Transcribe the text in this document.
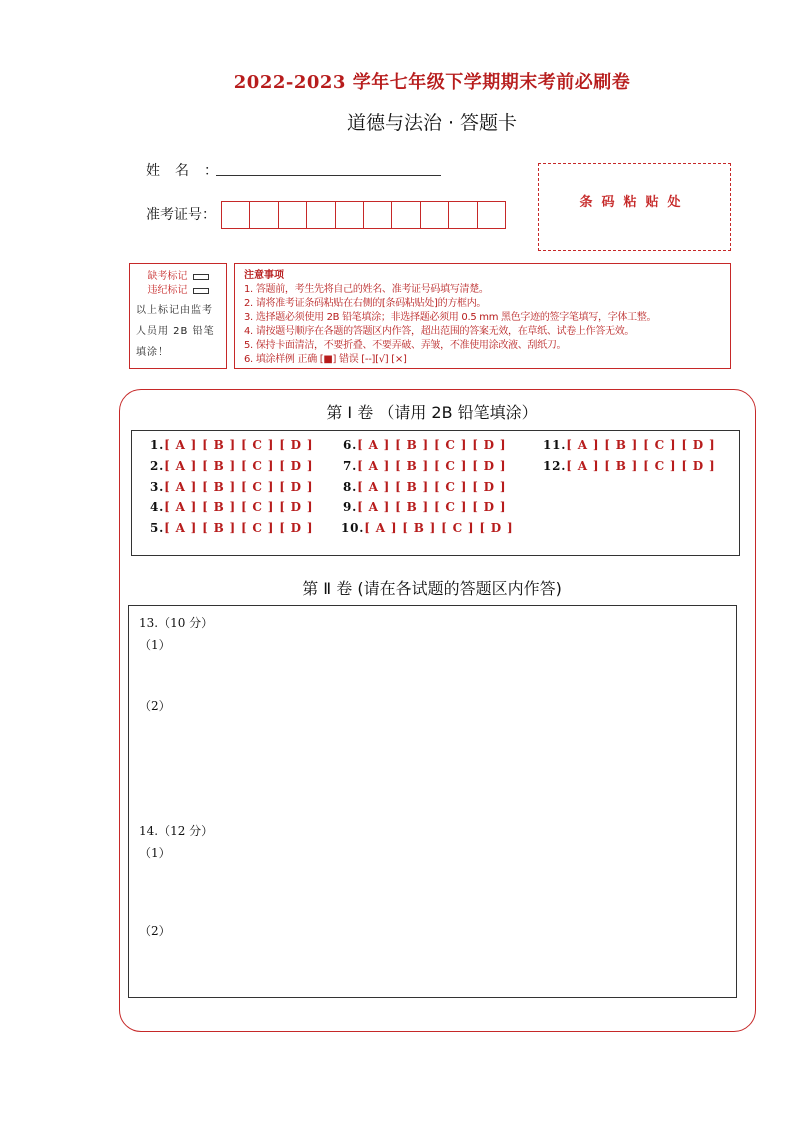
2022-2023 学年七年级下学期期末考前必刷卷
道德与法治 · 答题卡
姓名：
准考证号：
条码粘贴处
缺考标记
违纪标记
以上标记由监考人员用 2B 铅笔填涂！
注意事项
1. 答题前，考生先将自己的姓名、准考证号码填写清楚。
2. 请将准考证条码粘贴在右侧的[条码粘贴处]的方框内。
3. 选择题必须使用 2B 铅笔填涂；非选择题必须用 0.5 mm 黑色字迹的签字笔填写，字体工整。
4. 请按题号顺序在各题的答题区内作答，超出范围的答案无效，在草纸、试卷上作答无效。
5. 保持卡面清洁，不要折叠、不要弄破、弄皱，不准使用涂改液、刮纸刀。
6. 填涂样例 正确 [■] 错误 [--][√] [×]
第 Ⅰ 卷 （请用 2B 铅笔填涂）
第 Ⅱ 卷 (请在各试题的答题区内作答)
13.（10 分）
（1）
（2）
14.（12 分）
（1）
（2）
1.[ A ] [ B ] [ C ] [ D ]
2.[ A ] [ B ] [ C ] [ D ]
3.[ A ] [ B ] [ C ] [ D ]
4.[ A ] [ B ] [ C ] [ D ]
5.[ A ] [ B ] [ C ] [ D ]
6.[ A ] [ B ] [ C ] [ D ]
7.[ A ] [ B ] [ C ] [ D ]
8.[ A ] [ B ] [ C ] [ D ]
9.[ A ] [ B ] [ C ] [ D ]
10.[ A ] [ B ] [ C ] [ D ]
11.[ A ] [ B ] [ C ] [ D ]
12.[ A ] [ B ] [ C ] [ D ]
